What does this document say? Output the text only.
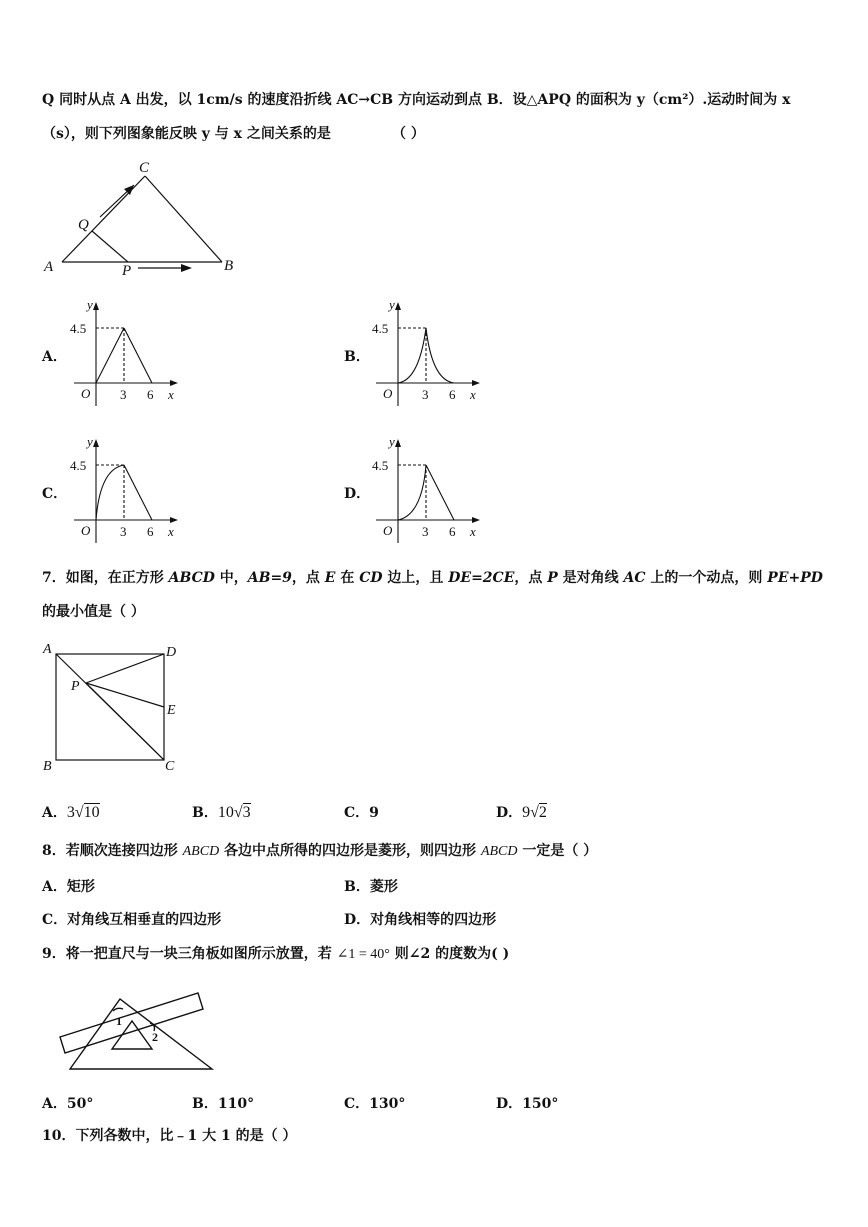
Q 同时从点 A 出发，以 1cm/s 的速度沿折线 AC→CB 方向运动到点 B．设△APQ 的面积为 y（cm²）.运动时间为 x
（s），则下列图象能反映 y 与 x 之间关系的是	（ ）
C
Q
A	P	B
A．	B．
C．	D．
y
4.5
O 3 6 x
y
4.5
O 3 6 x
y
4.5
O 3 6 x
y
4.5
O 3 6 x
7．如图，在正方形 ABCD 中，AB=9，点 E 在 CD 边上，且 DE=2CE，点 P 是对角线 AC 上的一个动点，则 PE+PD
的最小值是（ ）
A	D
P
E
B	C
A．3√10	B．10√3	C．9	D．9√2
8．若顺次连接四边形 ABCD 各边中点所得的四边形是菱形，则四边形 ABCD 一定是（ ）
A．矩形	B．菱形
C．对角线互相垂直的四边形	D．对角线相等的四边形
9．将一把直尺与一块三角板如图所示放置，若 ∠1 = 40° 则∠2 的度数为( )
1
2
A．50°	B．110°	C．130°	D．150°
10．下列各数中，比﹣1 大 1 的是（ ）
